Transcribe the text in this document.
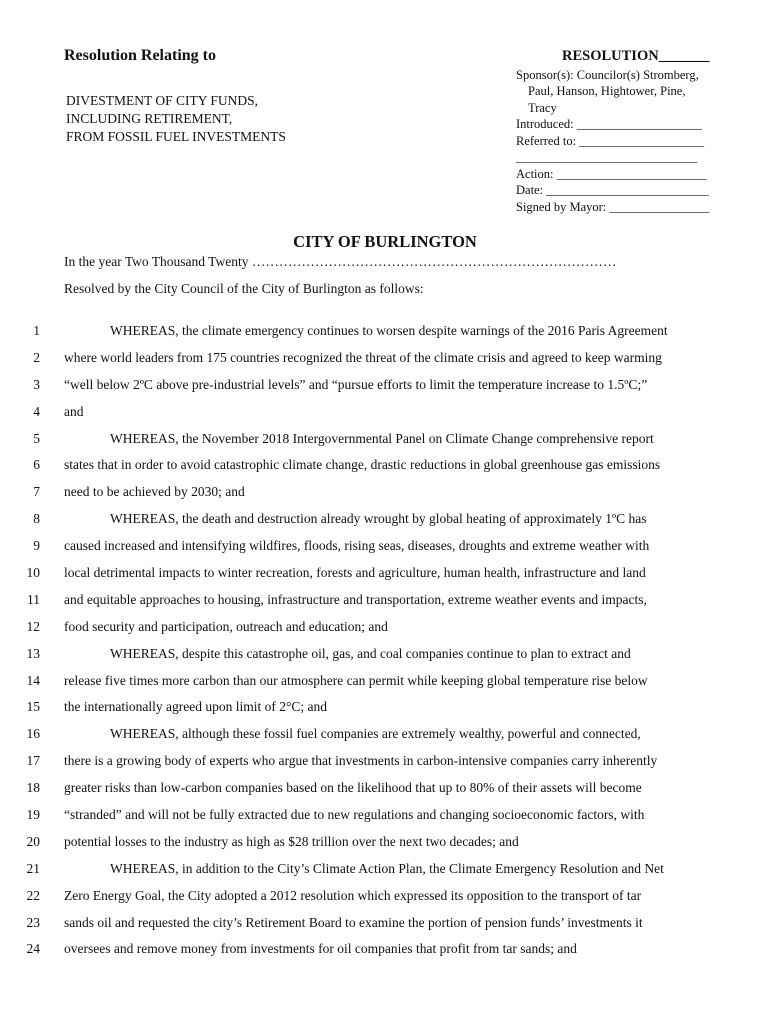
Resolution Relating to
DIVESTMENT OF CITY FUNDS,
INCLUDING RETIREMENT,
FROM FOSSIL FUEL INVESTMENTS
RESOLUTION_______
Sponsor(s): Councilor(s) Stromberg,
Paul, Hanson, Hightower, Pine,
Tracy
Introduced: ____________________
Referred to: ____________________
_____________________________
Action: ________________________
Date: __________________________
Signed by Mayor: ________________
CITY OF BURLINGTON
In the year Two Thousand Twenty ………………………………………………………………………
Resolved by the City Council of the City of Burlington as follows:
1	WHEREAS, the climate emergency continues to worsen despite warnings of the 2016 Paris Agreement
2 where world leaders from 175 countries recognized the threat of the climate crisis and agreed to keep warming
3 “well below 2ºC above pre-industrial levels” and “pursue efforts to limit the temperature increase to 1.5ºC;”
4 and
5	WHEREAS, the November 2018 Intergovernmental Panel on Climate Change comprehensive report
6 states that in order to avoid catastrophic climate change, drastic reductions in global greenhouse gas emissions
7 need to be achieved by 2030; and
8	WHEREAS, the death and destruction already wrought by global heating of approximately 1ºC has
9 caused increased and intensifying wildfires, floods, rising seas, diseases, droughts and extreme weather with
10 local detrimental impacts to winter recreation, forests and agriculture, human health, infrastructure and land
11 and equitable approaches to housing, infrastructure and transportation, extreme weather events and impacts,
12 food security and participation, outreach and education; and
13	WHEREAS, despite this catastrophe oil, gas, and coal companies continue to plan to extract and
14 release five times more carbon than our atmosphere can permit while keeping global temperature rise below
15 the internationally agreed upon limit of 2°C; and
16	WHEREAS, although these fossil fuel companies are extremely wealthy, powerful and connected,
17 there is a growing body of experts who argue that investments in carbon-intensive companies carry inherently
18 greater risks than low-carbon companies based on the likelihood that up to 80% of their assets will become
19 “stranded” and will not be fully extracted due to new regulations and changing socioeconomic factors, with
20 potential losses to the industry as high as $28 trillion over the next two decades; and
21	WHEREAS, in addition to the City’s Climate Action Plan, the Climate Emergency Resolution and Net
22 Zero Energy Goal, the City adopted a 2012 resolution which expressed its opposition to the transport of tar
23 sands oil and requested the city’s Retirement Board to examine the portion of pension funds’ investments it
24 oversees and remove money from investments for oil companies that profit from tar sands; and
